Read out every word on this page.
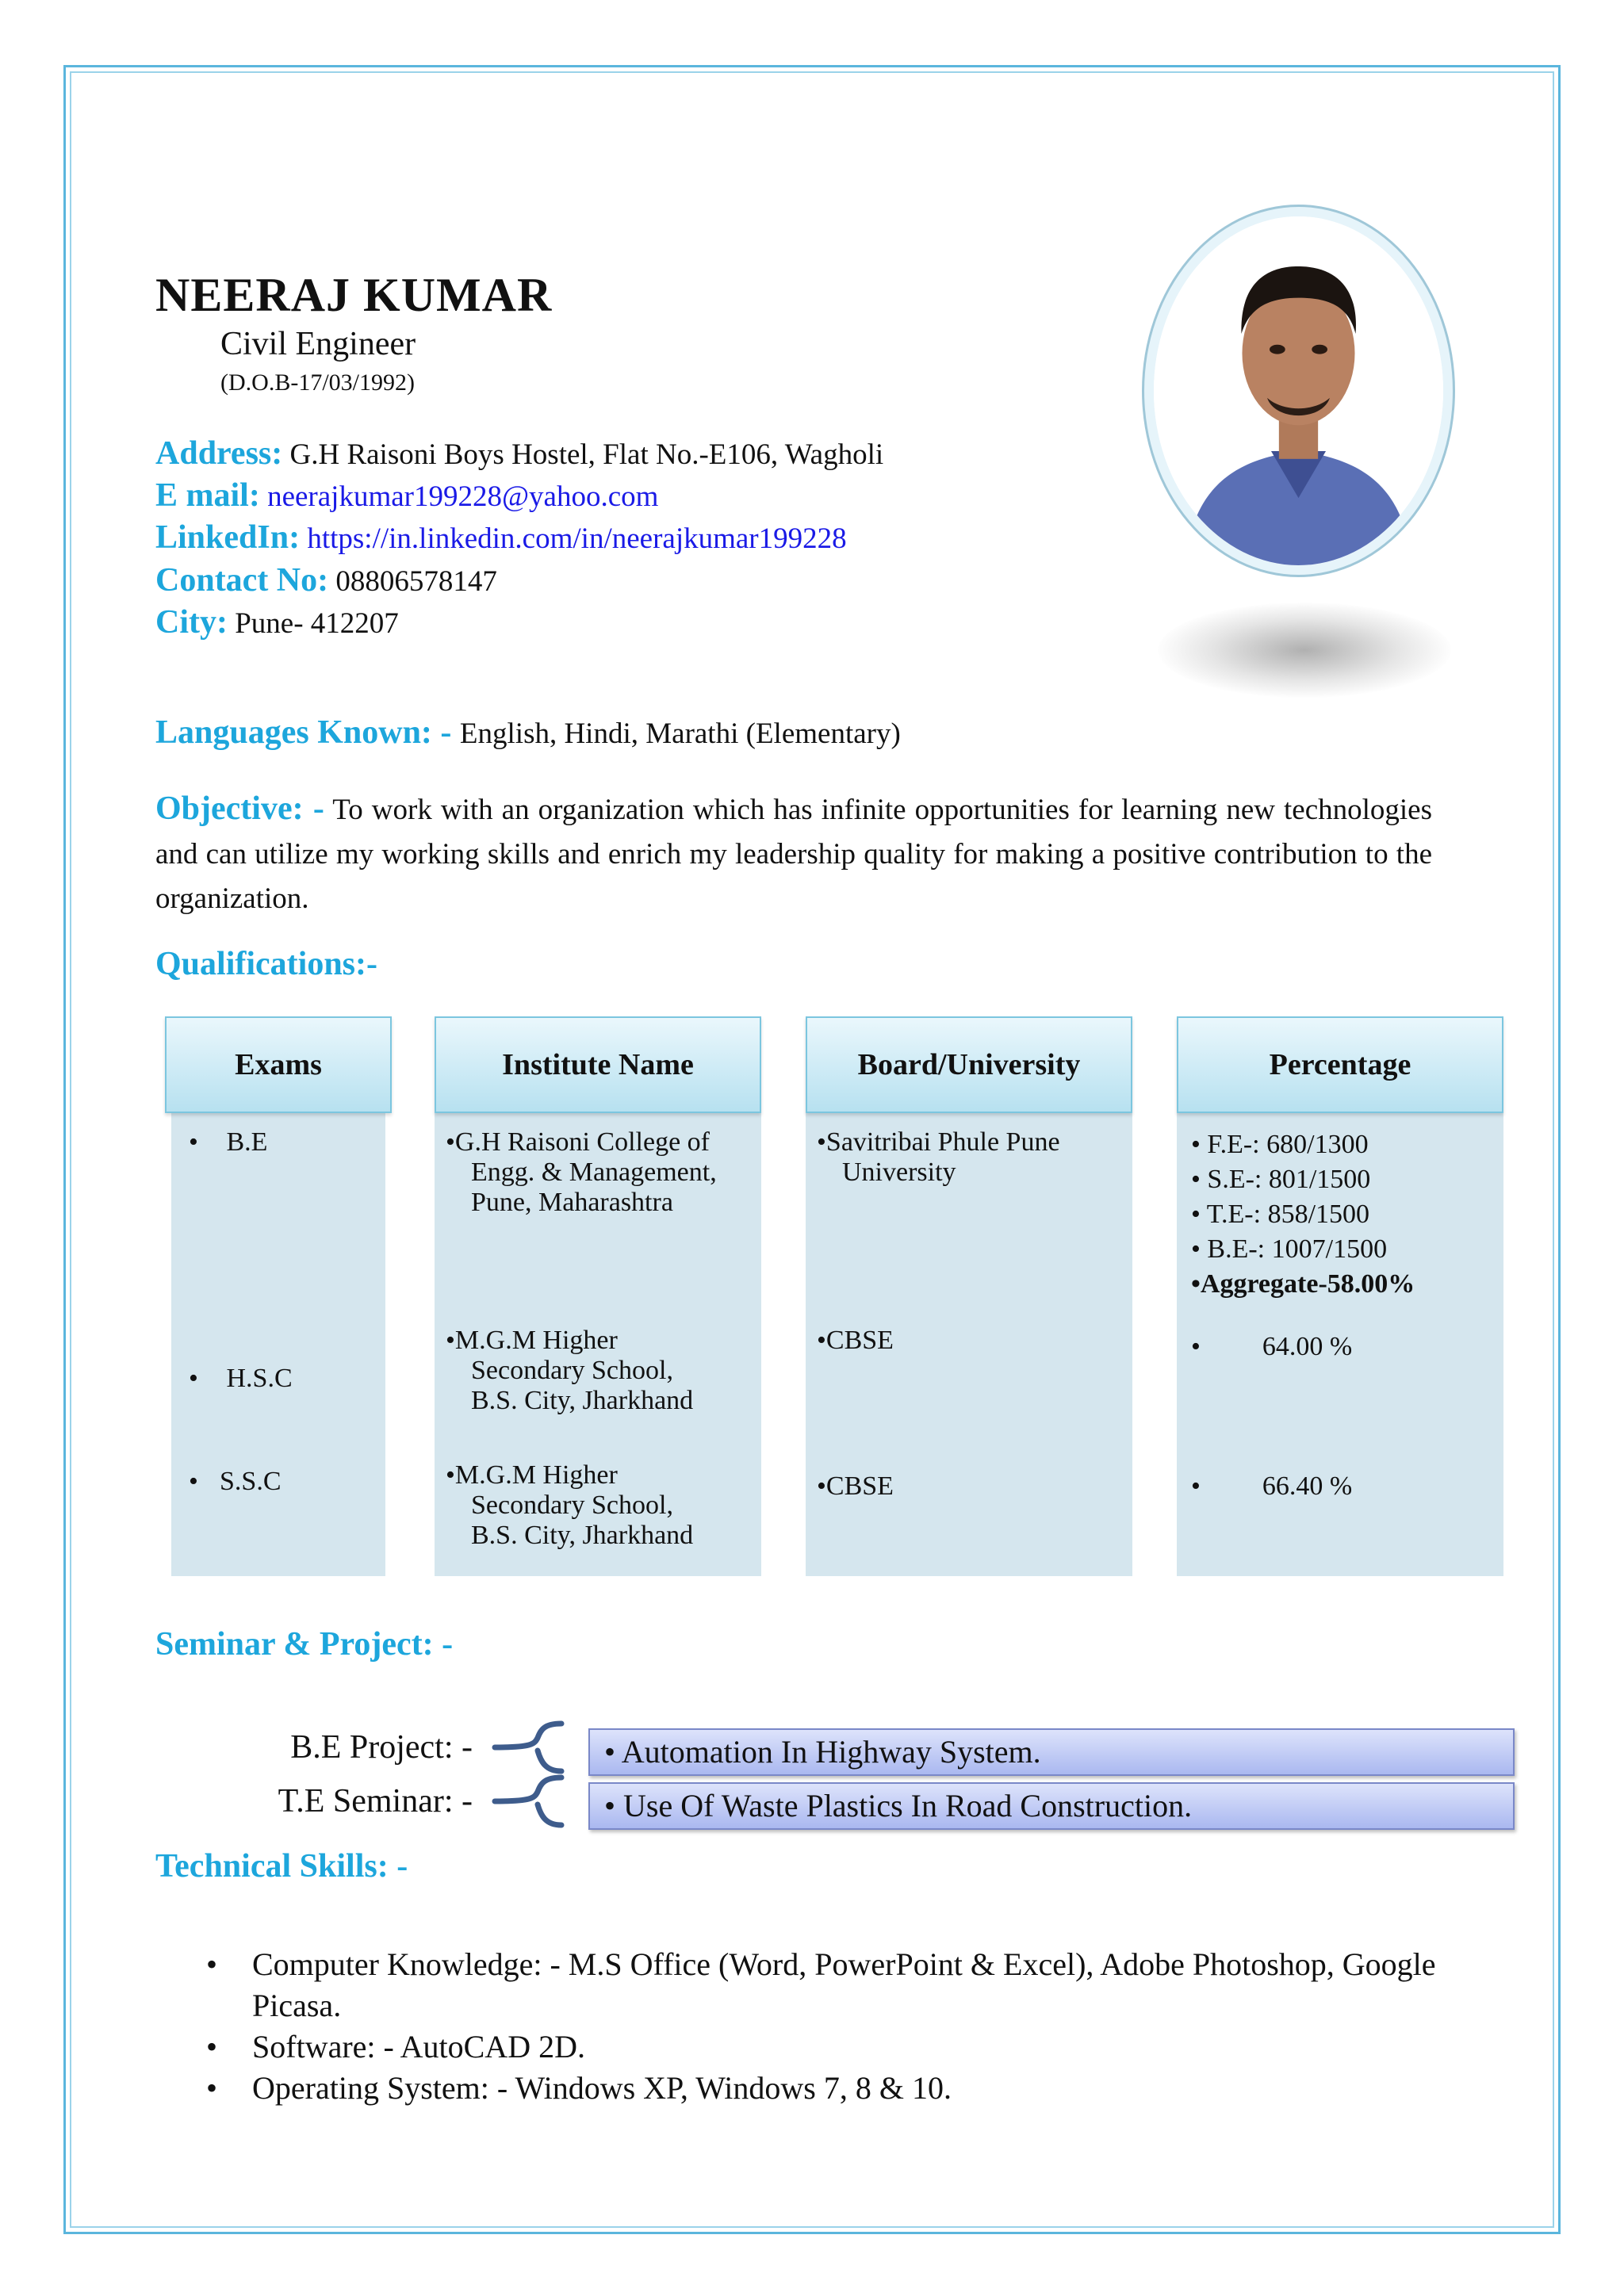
NEERAJ KUMAR
Civil Engineer
(D.O.B-17/03/1992)
Address: G.H Raisoni Boys Hostel, Flat No.-E106, Wagholi
E mail: neerajkumar199228@yahoo.com
LinkedIn: https://in.linkedin.com/in/neerajkumar199228
Contact No: 08806578147
City: Pune- 412207
Languages Known: - English, Hindi, Marathi (Elementary)
Objective: - To work with an organization which has infinite opportunities for learning new technologies and can utilize my working skills and enrich my leadership quality for making a positive contribution to the organization.
Qualifications:-
• B.E
• H.S.C
• S.S.C
Exams
•G.H Raisoni College of
Engg. & Management,
Pune, Maharashtra
•M.G.M Higher
Secondary School,
B.S. City, Jharkhand
•M.G.M Higher
Secondary School,
B.S. City, Jharkhand
Institute Name
•Savitribai Phule Pune
University
•CBSE
•CBSE
Board/University
• F.E-: 680/1300
• S.E-: 801/1500
• T.E-: 858/1500
• B.E-: 1007/1500
•Aggregate-58.00%
• 64.00 %
• 66.40 %
Percentage
Seminar & Project: -
B.E Project: -	• Automation In Highway System.
T.E Seminar: -	• Use Of Waste Plastics In Road Construction.
Technical Skills: -
• Computer Knowledge: - M.S Office (Word, PowerPoint & Excel), Adobe Photoshop, Google Picasa.
• Software: - AutoCAD 2D.
• Operating System: - Windows XP, Windows 7, 8 & 10.
